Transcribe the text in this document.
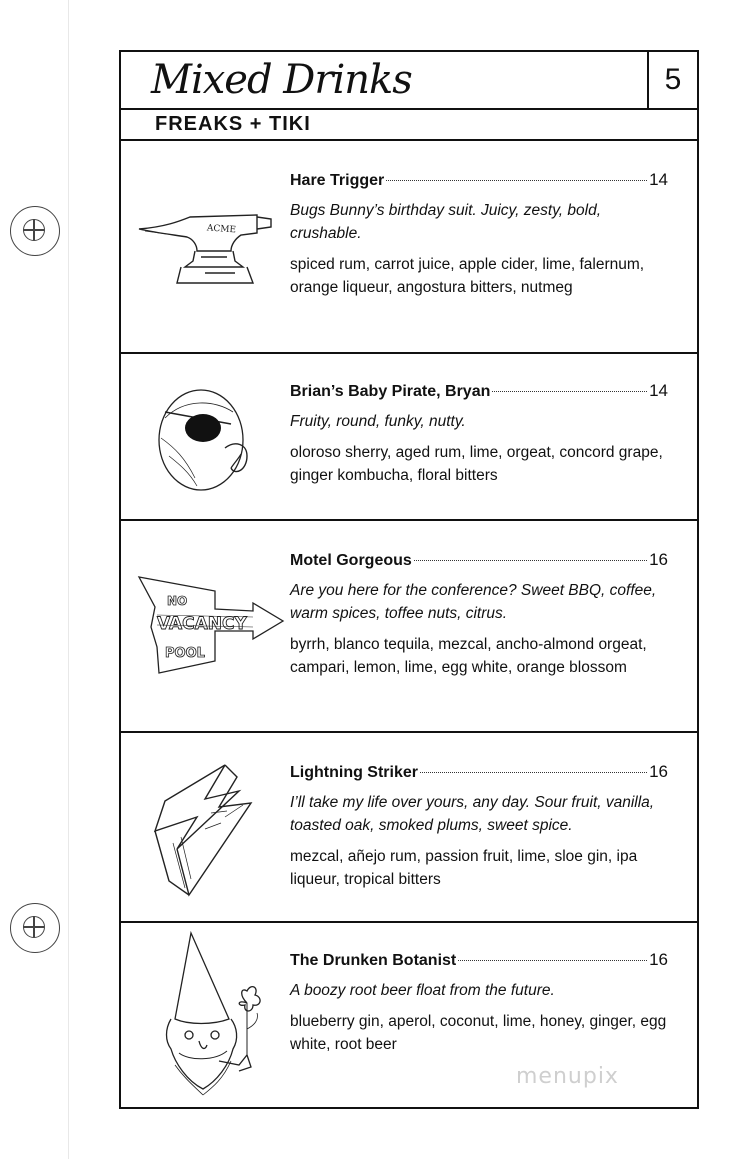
Mixed Drinks	5
FREAKS + TIKI
ACME
Hare Trigger	14
Bugs Bunny’s birthday suit. Juicy, zesty, bold, crushable.
spiced rum, carrot juice, apple cider, lime, falernum, orange liqueur, angostura bitters, nutmeg
Brian’s Baby Pirate, Bryan	14
Fruity, round, funky, nutty.
oloroso sherry, aged rum, lime, orgeat, concord grape, ginger kombucha, floral bitters
NO
VACANCY
POOL
Motel Gorgeous	16
Are you here for the conference? Sweet BBQ, coffee, warm spices, toffee nuts, citrus.
byrrh, blanco tequila, mezcal, ancho-almond orgeat, campari, lemon, lime, egg white, orange blossom
Lightning Striker	16
I’ll take my life over yours, any day. Sour fruit, vanilla, toasted oak, smoked plums, sweet spice.
mezcal, añejo rum, passion fruit, lime, sloe gin, ipa liqueur, tropical bitters
The Drunken Botanist	16
A boozy root beer float from the future.
blueberry gin, aperol, coconut, lime, honey, ginger, egg white, root beer
menupix
